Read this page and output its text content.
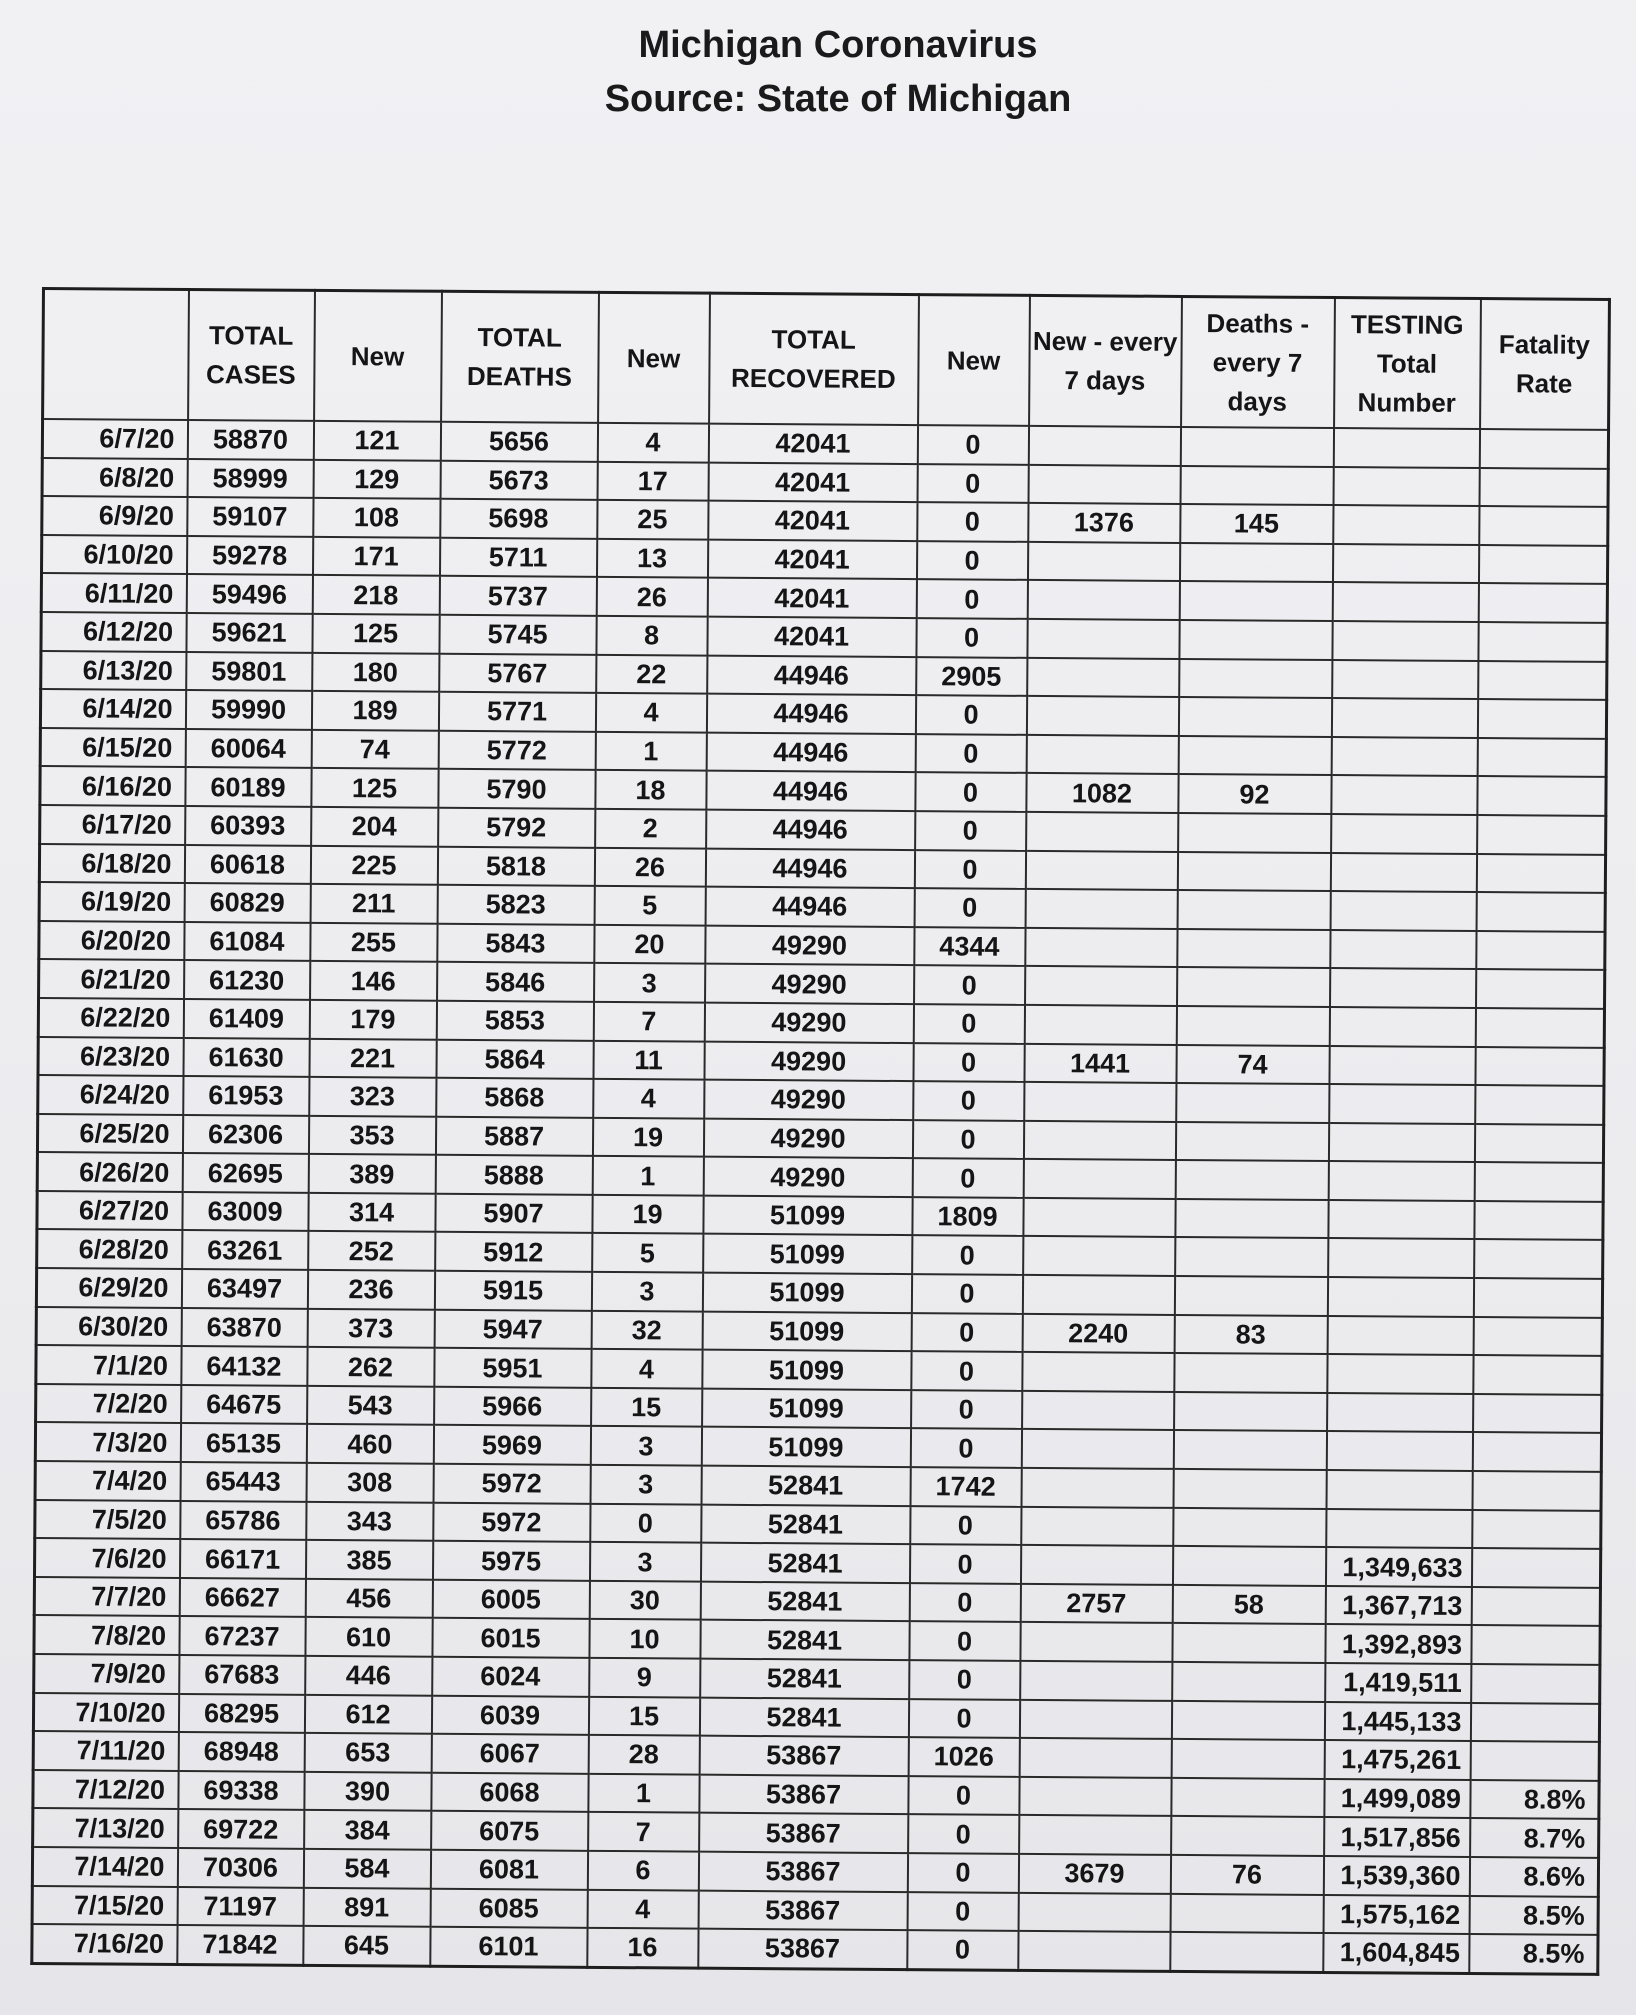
Michigan Coronavirus
Source: State of Michigan
	TOTAL CASES	New	TOTAL DEATHS	New	TOTAL RECOVERED	New	New - every 7 days	Deaths - every 7 days	TESTING Total Number	Fatality Rate
6/7/20	58870	121	5656	4	42041	0				
6/8/20	58999	129	5673	17	42041	0				
6/9/20	59107	108	5698	25	42041	0	1376	145		
6/10/20	59278	171	5711	13	42041	0				
6/11/20	59496	218	5737	26	42041	0				
6/12/20	59621	125	5745	8	42041	0				
6/13/20	59801	180	5767	22	44946	2905				
6/14/20	59990	189	5771	4	44946	0				
6/15/20	60064	74	5772	1	44946	0				
6/16/20	60189	125	5790	18	44946	0	1082	92		
6/17/20	60393	204	5792	2	44946	0				
6/18/20	60618	225	5818	26	44946	0				
6/19/20	60829	211	5823	5	44946	0				
6/20/20	61084	255	5843	20	49290	4344				
6/21/20	61230	146	5846	3	49290	0				
6/22/20	61409	179	5853	7	49290	0				
6/23/20	61630	221	5864	11	49290	0	1441	74		
6/24/20	61953	323	5868	4	49290	0				
6/25/20	62306	353	5887	19	49290	0				
6/26/20	62695	389	5888	1	49290	0				
6/27/20	63009	314	5907	19	51099	1809				
6/28/20	63261	252	5912	5	51099	0				
6/29/20	63497	236	5915	3	51099	0				
6/30/20	63870	373	5947	32	51099	0	2240	83		
7/1/20	64132	262	5951	4	51099	0				
7/2/20	64675	543	5966	15	51099	0				
7/3/20	65135	460	5969	3	51099	0				
7/4/20	65443	308	5972	3	52841	1742				
7/5/20	65786	343	5972	0	52841	0				
7/6/20	66171	385	5975	3	52841	0			1,349,633	
7/7/20	66627	456	6005	30	52841	0	2757	58	1,367,713	
7/8/20	67237	610	6015	10	52841	0			1,392,893	
7/9/20	67683	446	6024	9	52841	0			1,419,511	
7/10/20	68295	612	6039	15	52841	0			1,445,133	
7/11/20	68948	653	6067	28	53867	1026			1,475,261	
7/12/20	69338	390	6068	1	53867	0			1,499,089	8.8%
7/13/20	69722	384	6075	7	53867	0			1,517,856	8.7%
7/14/20	70306	584	6081	6	53867	0	3679	76	1,539,360	8.6%
7/15/20	71197	891	6085	4	53867	0			1,575,162	8.5%
7/16/20	71842	645	6101	16	53867	0			1,604,845	8.5%
